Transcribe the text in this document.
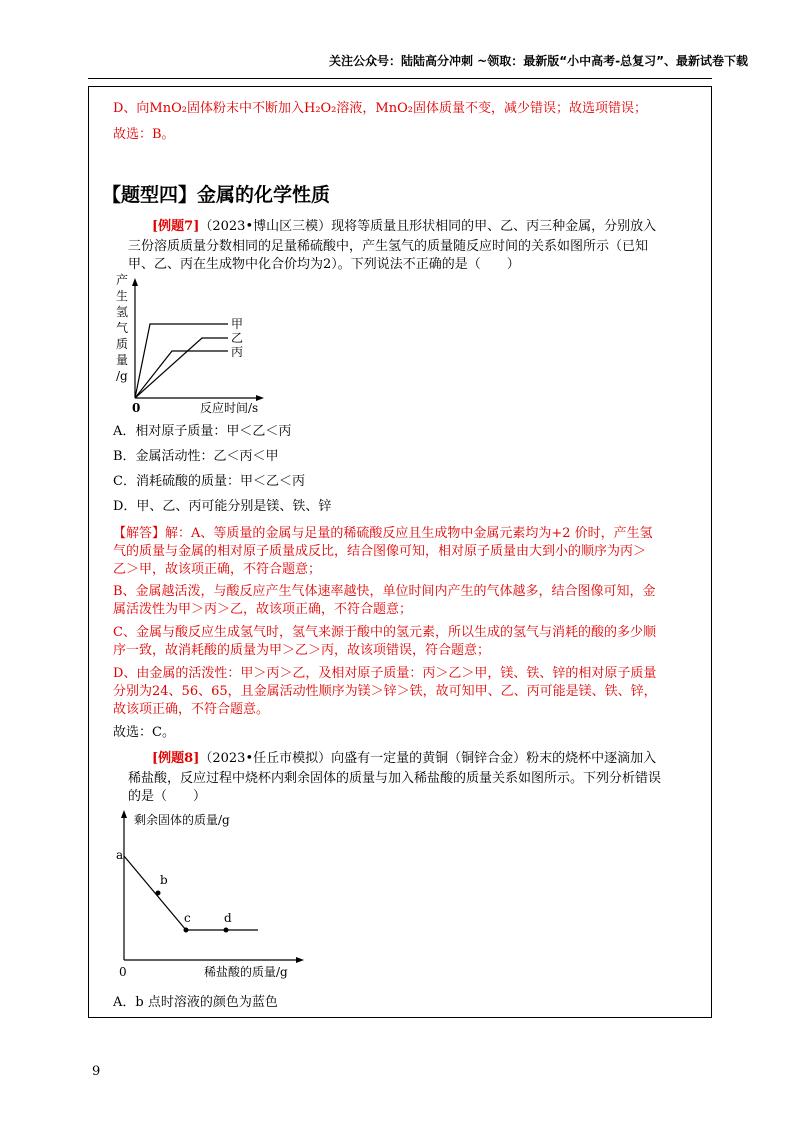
关注公众号：陆陆高分冲刺 ~领取：最新版“小中高考-总复习”、最新试卷下载
D、向MnO₂固体粉末中不断加入H₂O₂溶液，MnO₂固体质量不变，减少错误；故选项错误；
故选：B。
【题型四】金属的化学性质
[例题7]（2023•博山区三模）现将等质量且形状相同的甲、乙、丙三种金属，分别放入
三份溶质质量分数相同的足量稀硫酸中，产生氢气的质量随反应时间的关系如图所示（已知
甲、乙、丙在生成物中化合价均为2）。下列说法不正确的是（　　）
产
生
氢
气
质
量
/g
0	反应时间/s
甲
乙
丙
A．相对原子质量：甲＜乙＜丙
B．金属活动性：乙＜丙＜甲
C．消耗硫酸的质量：甲＜乙＜丙
D．甲、乙、丙可能分别是镁、铁、锌
【解答】解：A、等质量的金属与足量的稀硫酸反应且生成物中金属元素均为+2 价时，产生氢
气的质量与金属的相对原子质量成反比，结合图像可知，相对原子质量由大到小的顺序为丙＞
乙＞甲，故该项正确，不符合题意；
B、金属越活泼，与酸反应产生气体速率越快，单位时间内产生的气体越多，结合图像可知，金
属活泼性为甲＞丙＞乙，故该项正确，不符合题意；
C、金属与酸反应生成氢气时，氢气来源于酸中的氢元素，所以生成的氢气与消耗的酸的多少顺
序一致，故消耗酸的质量为甲＞乙＞丙，故该项错误，符合题意；
D、由金属的活泼性：甲＞丙＞乙，及相对原子质量：丙＞乙＞甲，镁、铁、锌的相对原子质量
分别为24、56、65，且金属活动性顺序为镁＞锌＞铁，故可知甲、乙、丙可能是镁、铁、锌，
故该项正确，不符合题意。
故选：C。
[例题8]（2023•任丘市模拟）向盛有一定量的黄铜（铜锌合金）粉末的烧杯中逐滴加入
稀盐酸，反应过程中烧杯内剩余固体的质量与加入稀盐酸的质量关系如图所示。下列分析错误
的是（　　）
剩余固体的质量/g
a
b
c	d
0	稀盐酸的质量/g
A．b 点时溶液的颜色为蓝色
9
